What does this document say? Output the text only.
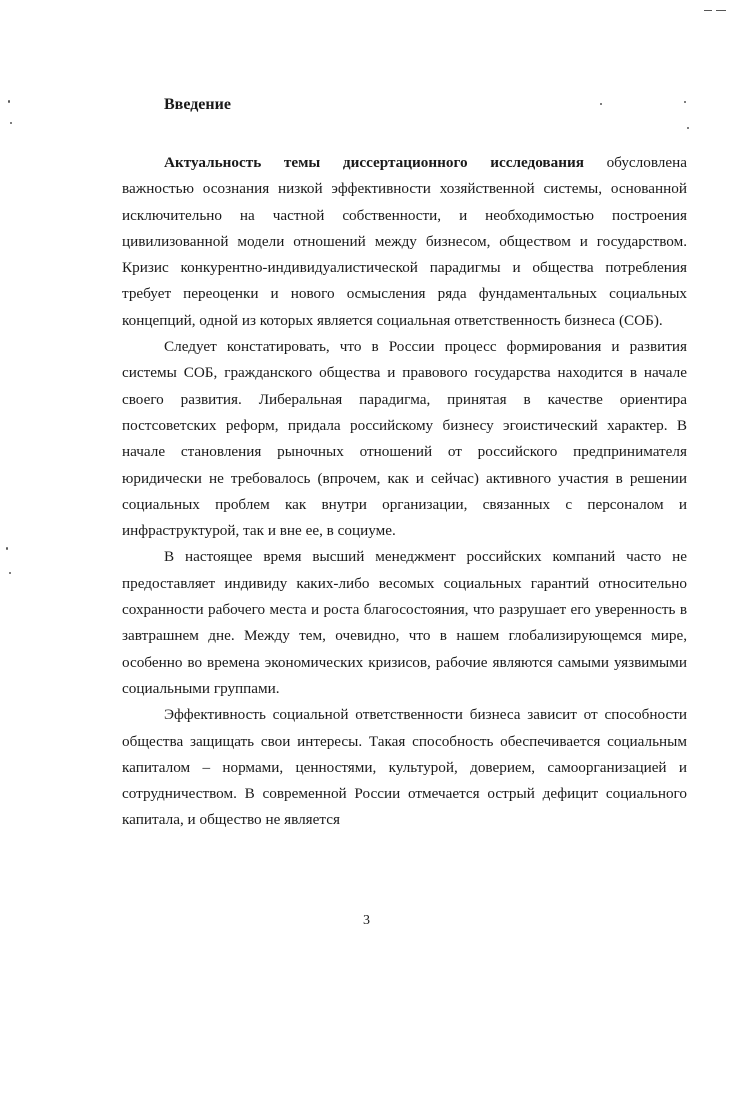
Введение

Актуальность темы диссертационного исследования обусловлена важностью осознания низкой эффективности хозяйственной системы, основанной исключительно на частной собственности, и необходимостью построения цивилизованной модели отношений между бизнесом, обществом и государством. Кризис конкурентно-индивидуалистической парадигмы и общества потребления требует переоценки и нового осмысления ряда фундаментальных социальных концепций, одной из которых является социальная ответственность бизнеса (СОБ).

Следует констатировать, что в России процесс формирования и развития системы СОБ, гражданского общества и правового государства находится в начале своего развития. Либеральная парадигма, принятая в качестве ориентира постсоветских реформ, придала российскому бизнесу эгоистический характер. В начале становления рыночных отношений от российского предпринимателя юридически не требовалось (впрочем, как и сейчас) активного участия в решении социальных проблем как внутри организации, связанных с персоналом и инфраструктурой, так и вне ее, в социуме.

В настоящее время высший менеджмент российских компаний часто не предоставляет индивиду каких-либо весомых социальных гарантий относительно сохранности рабочего места и роста благосостояния, что разрушает его уверенность в завтрашнем дне. Между тем, очевидно, что в нашем глобализирующемся мире, особенно во времена экономических кризисов, рабочие являются самыми уязвимыми социальными группами.

Эффективность социальной ответственности бизнеса зависит от способности общества защищать свои интересы. Такая способность обеспечивается социальным капиталом – нормами, ценностями, культурой, доверием, самоорганизацией и сотрудничеством. В современной России отмечается острый дефицит социального капитала, и общество не является

3
